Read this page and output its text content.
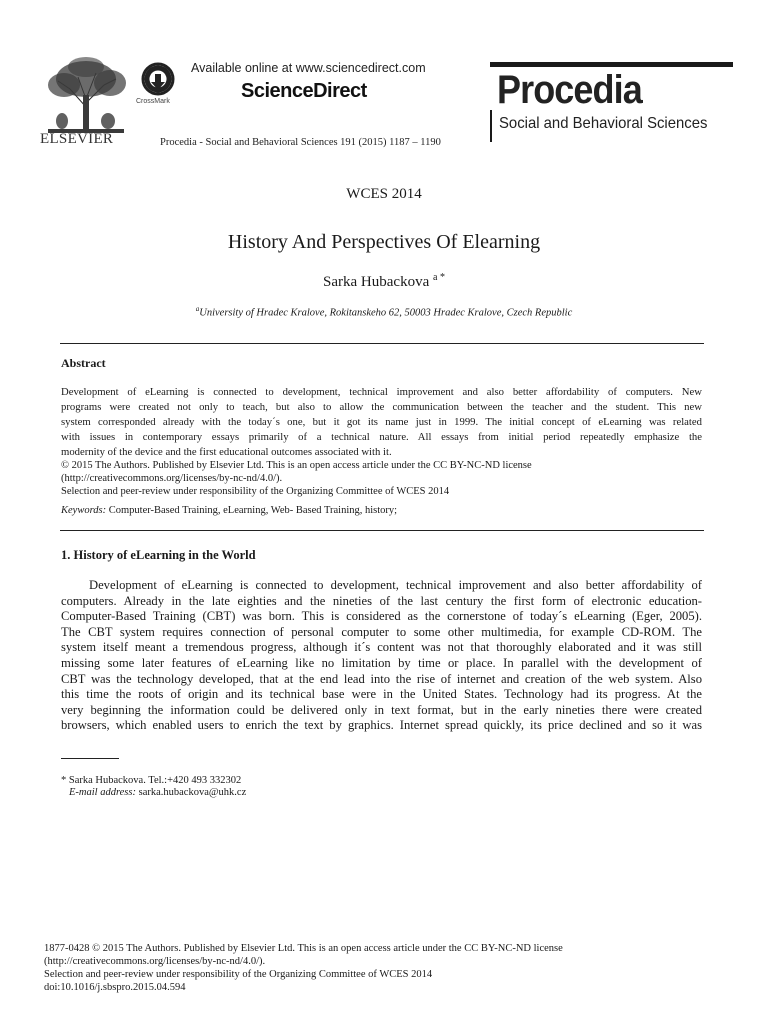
ELSEVIER
CrossMark
Available online at www.sciencedirect.com
ScienceDirect
Procedia - Social and Behavioral Sciences 191 (2015) 1187 – 1190
Procedia
Social and Behavioral Sciences
WCES 2014
History And Perspectives Of Elearning
Sarka Hubackova $^{a *}$
$^a$University of Hradec Kralove, Rokitanskeho 62, 50003 Hradec Kralove, Czech Republic
Abstract
Development of eLearning is connected to development, technical improvement and also better affordability of computers. New
programs were created not only to teach, but also to allow the communication between the teacher and the student. This new
system corresponded already with the today´s one, but it got its name just in 1999. The initial concept of eLearning was related
with issues in contemporary essays primarily of a technical nature. All essays from initial period repeatedly emphasize the
modernity of the device and the first educational outcomes associated with it.
© 2015 The Authors. Published by Elsevier Ltd. This is an open access article under the CC BY-NC-ND license
(http://creativecommons.org/licenses/by-nc-nd/4.0/).
Selection and peer-review under responsibility of the Organizing Committee of WCES 2014
Keywords: Computer-Based Training, eLearning, Web- Based Training, history;
1. History of eLearning in the World
Development of eLearning is connected to development, technical improvement and also better affordability of
computers. Already in the late eighties and the nineties of the last century the first form of electronic education-
Computer-Based Training (CBT) was born. This is considered as the cornerstone of today´s eLearning (Eger, 2005).
The CBT system requires connection of personal computer to some other multimedia, for example CD-ROM. The
system itself meant a tremendous progress, although it´s content was not that thoroughly elaborated and it was still
missing some later features of eLearning like no limitation by time or place. In parallel with the development of
CBT was the technology developed, that at the end lead into the rise of internet and creation of the web system. Also
this time the roots of origin and its technical base were in the United States. Technology had its progress. At the
very beginning the information could be delivered only in text format, but in the early nineties there were created
browsers, which enabled users to enrich the text by graphics. Internet spread quickly, its price declined and so it was
* Sarka Hubackova. Tel.:+420 493 332302
E-mail address: sarka.hubackova@uhk.cz
1877-0428 © 2015 The Authors. Published by Elsevier Ltd. This is an open access article under the CC BY-NC-ND license
(http://creativecommons.org/licenses/by-nc-nd/4.0/).
Selection and peer-review under responsibility of the Organizing Committee of WCES 2014
doi:10.1016/j.sbspro.2015.04.594
